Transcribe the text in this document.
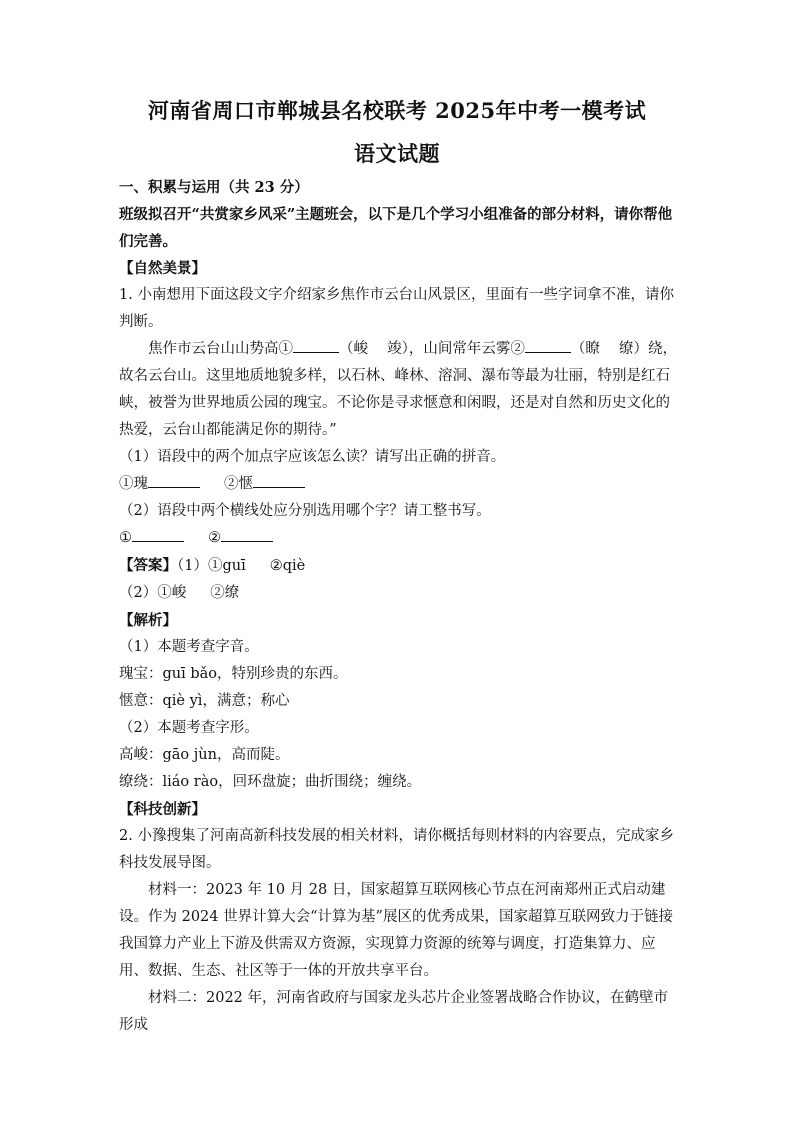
河南省周口市郸城县名校联考 2025年中考一模考试
语文试题
一、积累与运用（共 23 分）
班级拟召开“共赏家乡风采”主题班会，以下是几个学习小组准备的部分材料，请你帮他们完善。
【自然美景】
1. 小南想用下面这段文字介绍家乡焦作市云台山风景区，里面有一些字词拿不准，请你判断。
焦作市云台山山势高①	（峻　 竣），山间常年云雾②	（瞭　 缭）绕，故名云台山。这里地质地貌多样，以石林、峰林、溶洞、瀑布等最为壮丽，特别是红石峡，被誉为世界地质公园的瑰宝。不论你是寻求惬意和闲暇，还是对自然和历史文化的热爱，云台山都能满足你的期待。”
（1）语段中的两个加点字应该怎么读？请写出正确的拼音。
①瑰	②惬
（2）语段中两个横线处应分别选用哪个字？请工整书写。
①	②
【答案】（1）①guī ②qiè
（2）①峻 ②缭
【解析】
（1）本题考查字音。
瑰宝：guī bǎo，特别珍贵的东西。
惬意：qiè yì，满意；称心
（2）本题考查字形。
高峻：gāo jùn，高而陡。
缭绕：liáo rào，回环盘旋；曲折围绕；缠绕。
【科技创新】
2. 小豫搜集了河南高新科技发展的相关材料，请你概括每则材料的内容要点，完成家乡科技发展导图。
材料一：2023 年 10 月 28 日，国家超算互联网核心节点在河南郑州正式启动建设。作为 2024 世界计算大会“计算为基”展区的优秀成果，国家超算互联网致力于链接我国算力产业上下游及供需双方资源，实现算力资源的统筹与调度，打造集算力、应用、数据、生态、社区等于一体的开放共享平台。
材料二：2022 年，河南省政府与国家龙头芯片企业签署战略合作协议，在鹤壁市形成
